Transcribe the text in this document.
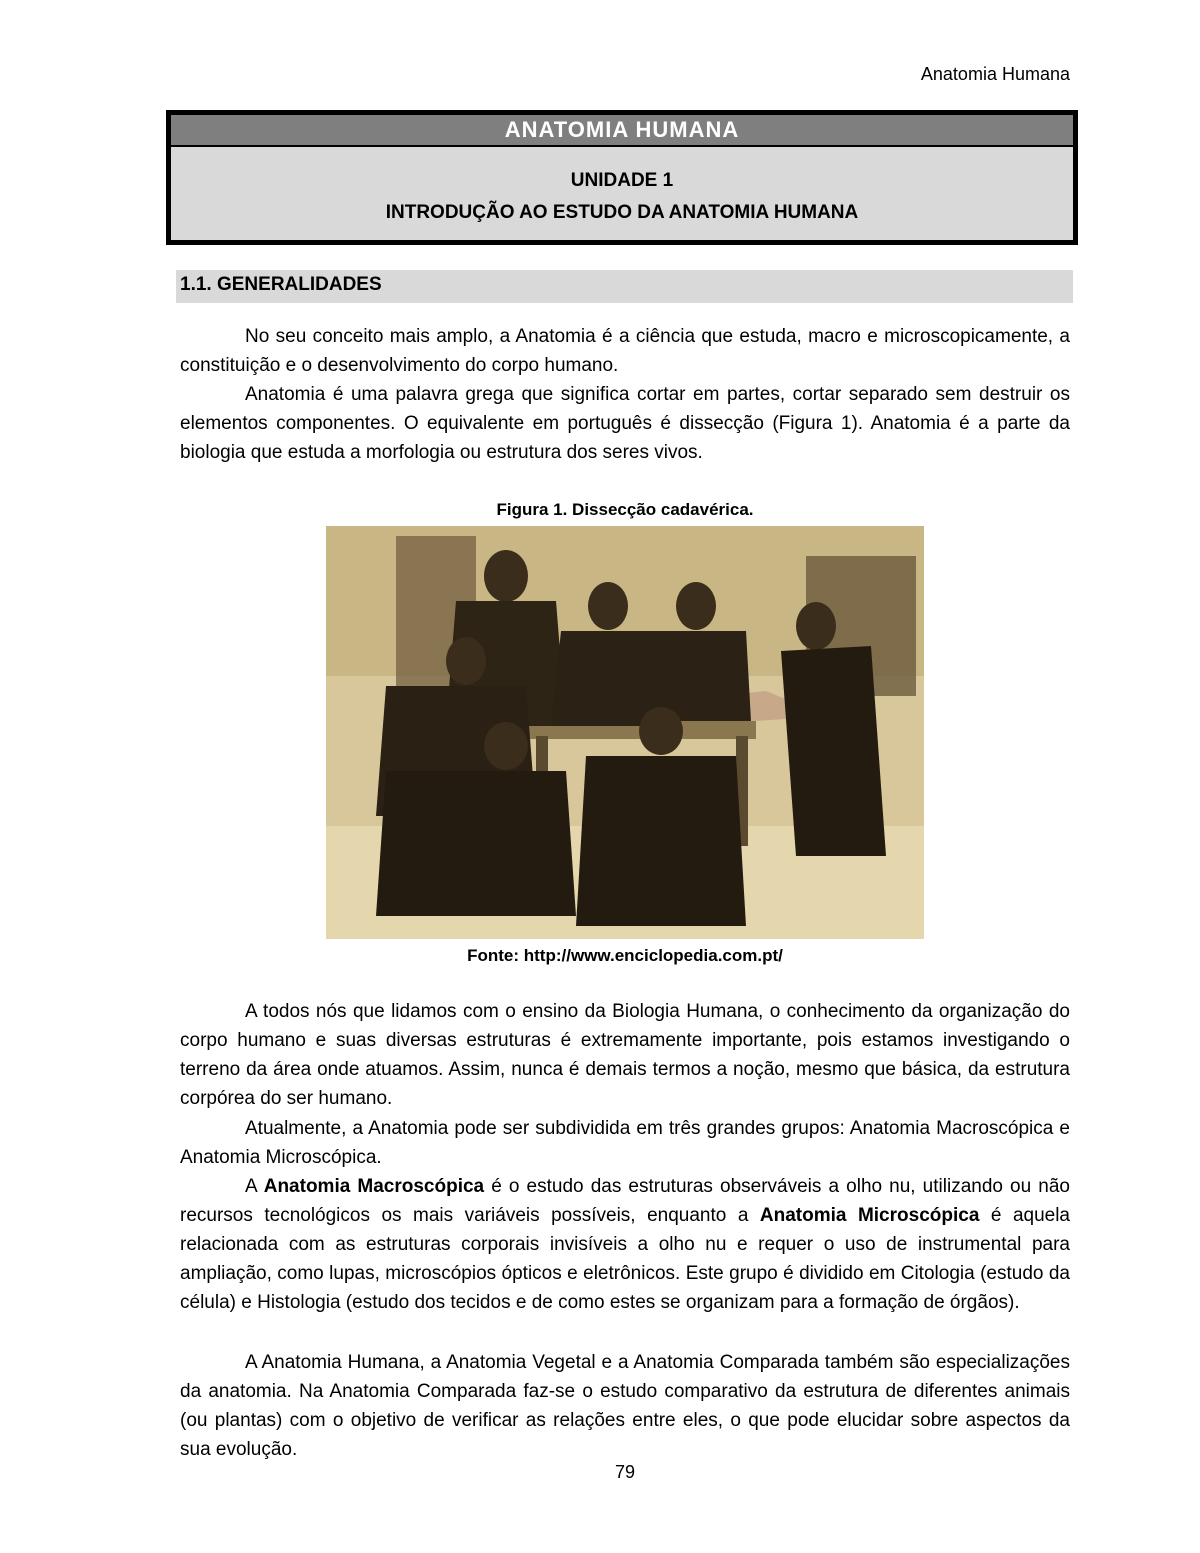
Anatomia Humana
ANATOMIA HUMANA
UNIDADE 1
INTRODUÇÃO AO ESTUDO DA ANATOMIA HUMANA
1.1. GENERALIDADES

No seu conceito mais amplo, a Anatomia é a ciência que estuda, macro e microscopicamente, a constituição e o desenvolvimento do corpo humano.

Anatomia é uma palavra grega que significa cortar em partes, cortar separado sem destruir os elementos componentes. O equivalente em português é dissecção (Figura 1). Anatomia é a parte da biologia que estuda a morfologia ou estrutura dos seres vivos.

Figura 1. Dissecção cadavérica.
Fonte: http://www.enciclopedia.com.pt/

A todos nós que lidamos com o ensino da Biologia Humana, o conhecimento da organização do corpo humano e suas diversas estruturas é extremamente importante, pois estamos investigando o terreno da área onde atuamos. Assim, nunca é demais termos a noção, mesmo que básica, da estrutura corpórea do ser humano.

Atualmente, a Anatomia pode ser subdividida em três grandes grupos: Anatomia Macroscópica e Anatomia Microscópica.

A Anatomia Macroscópica é o estudo das estruturas observáveis a olho nu, utilizando ou não recursos tecnológicos os mais variáveis possíveis, enquanto a Anatomia Microscópica é aquela relacionada com as estruturas corporais invisíveis a olho nu e requer o uso de instrumental para ampliação, como lupas, microscópios ópticos e eletrônicos. Este grupo é dividido em Citologia (estudo da célula) e Histologia (estudo dos tecidos e de como estes se organizam para a formação de órgãos).

A Anatomia Humana, a Anatomia Vegetal e a Anatomia Comparada também são especializações da anatomia. Na Anatomia Comparada faz-se o estudo comparativo da estrutura de diferentes animais (ou plantas) com o objetivo de verificar as relações entre eles, o que pode elucidar sobre aspectos da sua evolução.

79
